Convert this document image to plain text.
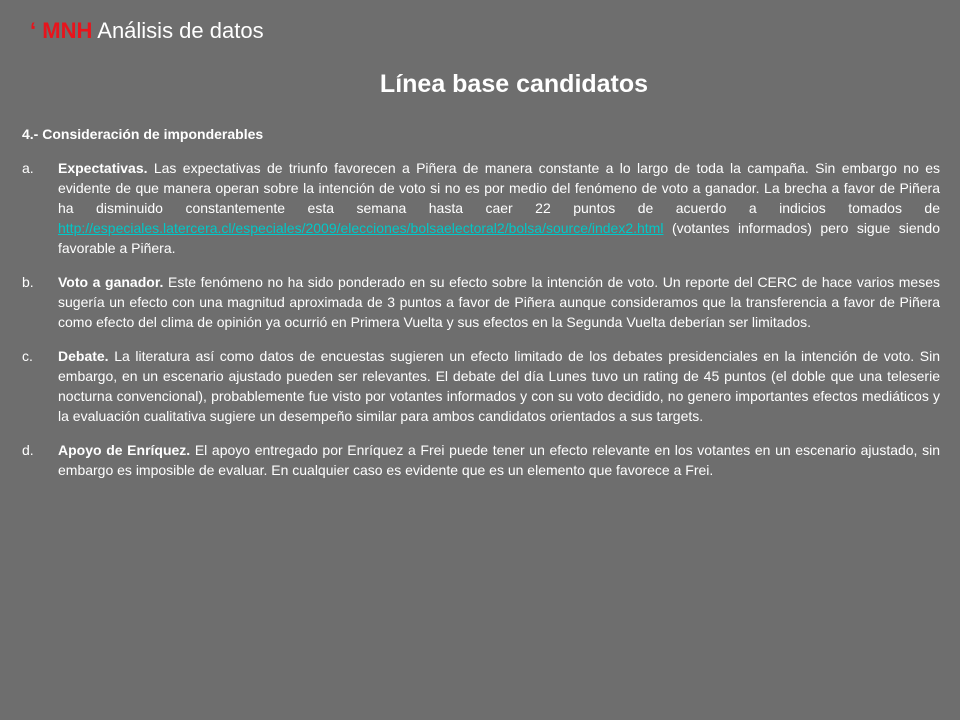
‘ MNH Análisis de datos
Línea base candidatos
4.- Consideración de imponderables
a.	Expectativas. Las expectativas de triunfo favorecen a Piñera de manera constante a lo largo de toda la campaña. Sin embargo no es evidente de que manera operan sobre la intención de voto si no es por medio del fenómeno de voto a ganador. La brecha a favor de Piñera ha disminuido constantemente esta semana hasta caer 22 puntos de acuerdo a indicios tomados de http://especiales.latercera.cl/especiales/2009/elecciones/bolsaelectoral2/bolsa/source/index2.html (votantes informados) pero sigue siendo favorable a Piñera.
b.	Voto a ganador. Este fenómeno no ha sido ponderado en su efecto sobre la intención de voto. Un reporte del CERC de hace varios meses sugería un efecto con una magnitud aproximada de 3 puntos a favor de Piñera aunque consideramos que la transferencia a favor de Piñera como efecto del clima de opinión ya ocurrió en Primera Vuelta y sus efectos en la Segunda Vuelta deberían ser limitados.
c.	Debate. La literatura así como datos de encuestas sugieren un efecto limitado de los debates presidenciales en la intención de voto. Sin embargo, en un escenario ajustado pueden ser relevantes. El debate del día Lunes tuvo un rating de 45 puntos (el doble que una teleserie nocturna convencional), probablemente fue visto por votantes informados y con su voto decidido, no genero importantes efectos mediáticos y la evaluación cualitativa sugiere un desempeño similar para ambos candidatos orientados a sus targets.
d.	Apoyo de Enríquez. El apoyo entregado por Enríquez a Frei puede tener un efecto relevante en los votantes en un escenario ajustado, sin embargo es imposible de evaluar. En cualquier caso es evidente que es un elemento que favorece a Frei.
